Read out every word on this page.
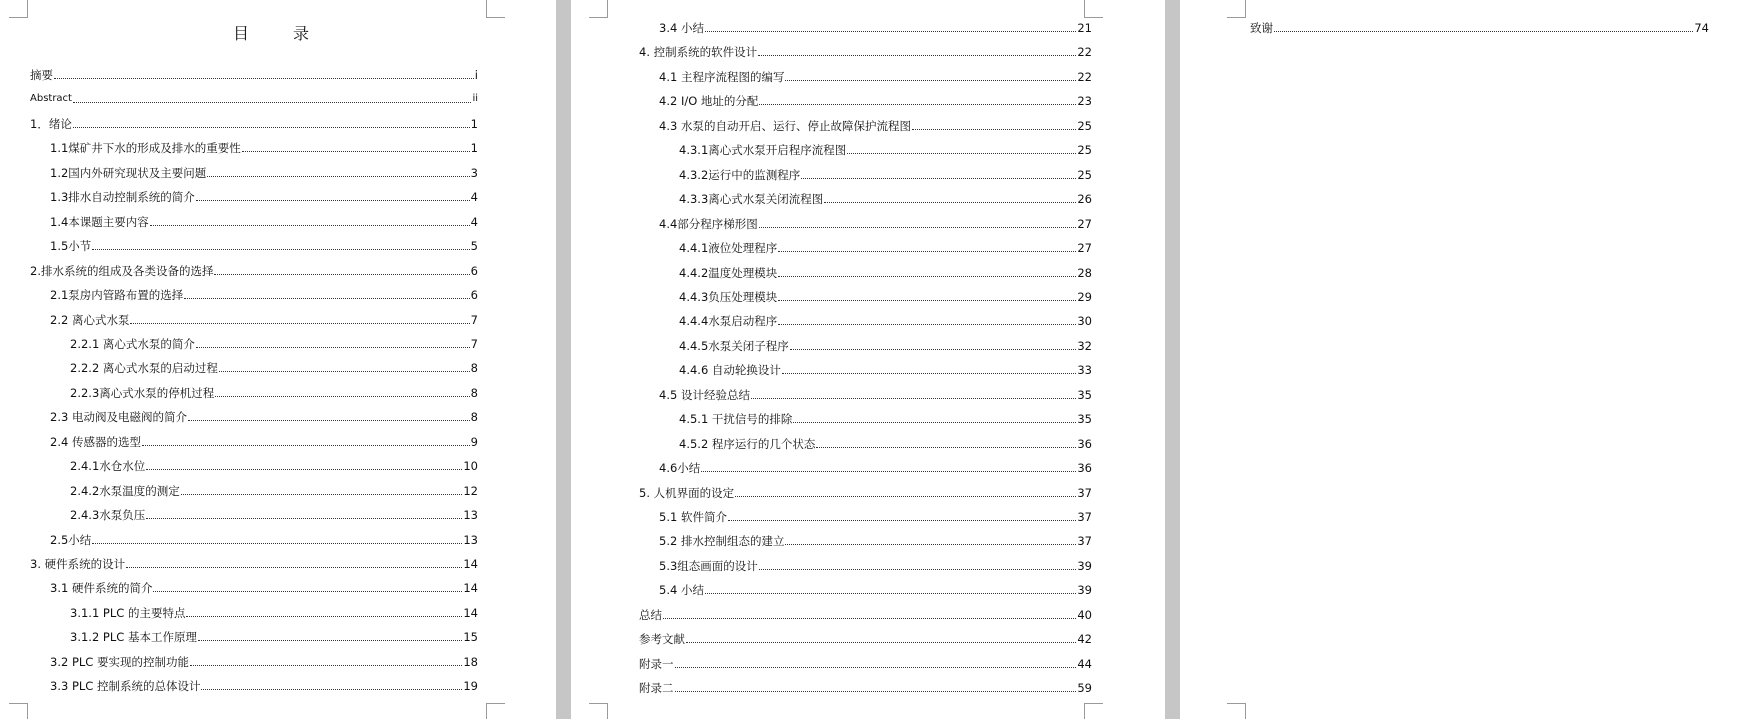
目　录
摘要	i
Abstract	ii
1．绪论	1
1.1煤矿井下水的形成及排水的重要性	1
1.2国内外研究现状及主要问题	3
1.3排水自动控制系统的简介	4
1.4本课题主要内容	4
1.5小节	5
2.排水系统的组成及各类设备的选择	6
2.1泵房内管路布置的选择	6
2.2 离心式水泵	7
2.2.1 离心式水泵的简介	7
2.2.2 离心式水泵的启动过程	8
2.2.3离心式水泵的停机过程	8
2.3 电动阀及电磁阀的简介	8
2.4 传感器的选型	9
2.4.1水仓水位	10
2.4.2水泵温度的测定	12
2.4.3水泵负压	13
2.5小结	13
3. 硬件系统的设计	14
3.1 硬件系统的简介	14
3.1.1 PLC 的主要特点	14
3.1.2 PLC 基本工作原理	15
3.2 PLC 要实现的控制功能	18
3.3 PLC 控制系统的总体设计	19
3.4 小结	21
4. 控制系统的软件设计	22
4.1 主程序流程图的编写	22
4.2 I/O 地址的分配	23
4.3 水泵的自动开启、运行、停止故障保护流程图	25
4.3.1离心式水泵开启程序流程图	25
4.3.2运行中的监测程序	25
4.3.3离心式水泵关闭流程图	26
4.4部分程序梯形图	27
4.4.1液位处理程序	27
4.4.2温度处理模块	28
4.4.3负压处理模块	29
4.4.4水泵启动程序	30
4.4.5水泵关闭子程序	32
4.4.6 自动轮换设计	33
4.5 设计经验总结	35
4.5.1 干扰信号的排除	35
4.5.2 程序运行的几个状态	36
4.6小结	36
5. 人机界面的设定	37
5.1 软件简介	37
5.2 排水控制组态的建立	37
5.3组态画面的设计	39
5.4 小结	39
总结	40
参考文献	42
附录一	44
附录二	59
致谢	74
